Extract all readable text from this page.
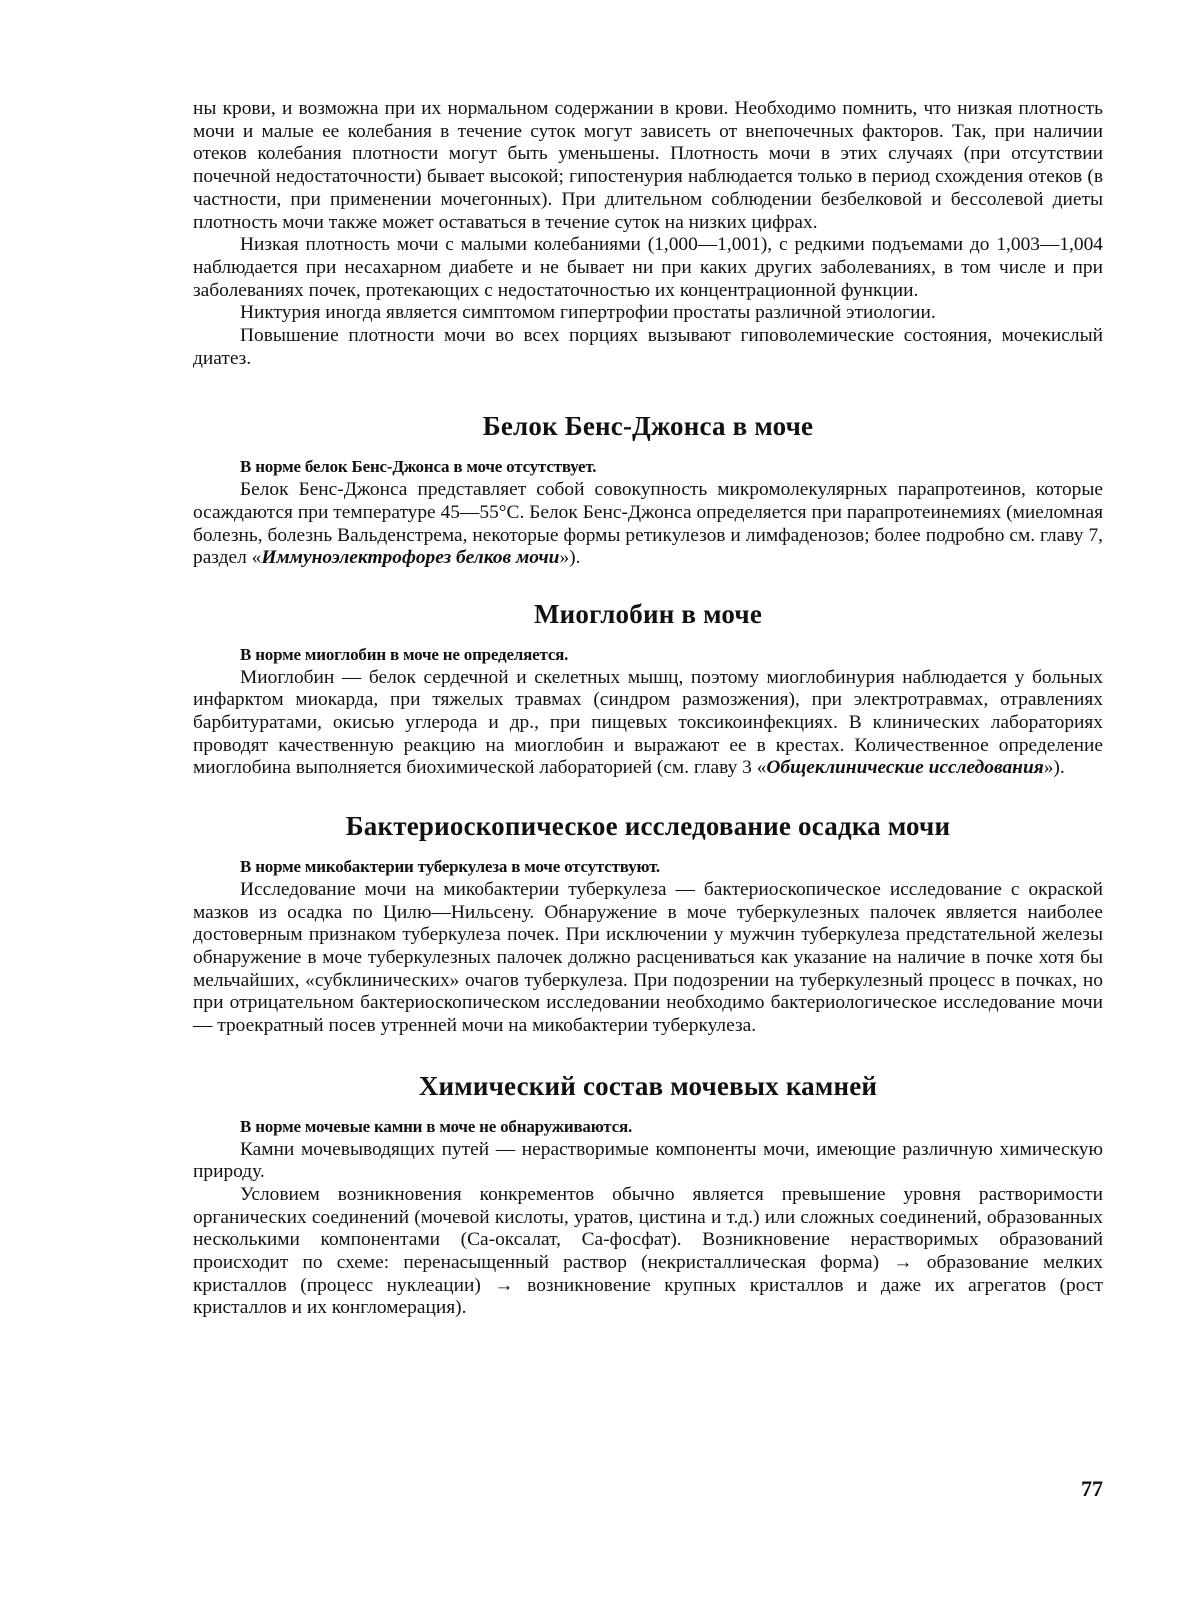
ны крови, и возможна при их нормальном содержании в крови. Необходимо помнить, что низкая плотность мочи и малые ее колебания в течение суток могут зависеть от внепочечных факторов. Так, при наличии отеков колебания плотности могут быть уменьшены. Плотность мочи в этих случаях (при отсутствии почечной недостаточности) бывает высокой; гипостенурия наблюдается только в период схождения отеков (в частности, при применении мочегонных). При длительном соблюдении безбелковой и бессолевой диеты плотность мочи также может оставаться в течение суток на низких цифрах.

Низкая плотность мочи с малыми колебаниями (1,000—1,001), с редкими подъемами до 1,003—1,004 наблюдается при несахарном диабете и не бывает ни при каких других заболеваниях, в том числе и при заболеваниях почек, протекающих с недостаточностью их концентрационной функции.

Никтурия иногда является симптомом гипертрофии простаты различной этиологии.

Повышение плотности мочи во всех порциях вызывают гиповолемические состояния, мочекислый диатез.

Белок Бенс-Джонса в моче
В норме белок Бенс-Джонса в моче отсутствует.

Белок Бенс-Джонса представляет собой совокупность микромолекулярных парапротеинов, которые осаждаются при температуре 45—55°С. Белок Бенс-Джонса определяется при парапротеинемиях (миеломная болезнь, болезнь Вальденстрема, некоторые формы ретикулезов и лимфаденозов; более подробно см. главу 7, раздел «Иммуноэлектрофорез белков мочи»).

Миоглобин в моче
В норме миоглобин в моче не определяется.

Миоглобин — белок сердечной и скелетных мышц, поэтому миоглобинурия наблюдается у больных инфарктом миокарда, при тяжелых травмах (синдром размозжения), при электротравмах, отравлениях барбитуратами, окисью углерода и др., при пищевых токсикоинфекциях. В клинических лабораториях проводят качественную реакцию на миоглобин и выражают ее в крестах. Количественное определение миоглобина выполняется биохимической лабораторией (см. главу 3 «Общеклинические исследования»).

Бактериоскопическое исследование осадка мочи
В норме микобактерии туберкулеза в моче отсутствуют.

Исследование мочи на микобактерии туберкулеза — бактериоскопическое исследование с окраской мазков из осадка по Цилю—Нильсену. Обнаружение в моче туберкулезных палочек является наиболее достоверным признаком туберкулеза почек. При исключении у мужчин туберкулеза предстательной железы обнаружение в моче туберкулезных палочек должно расцениваться как указание на наличие в почке хотя бы мельчайших, «субклинических» очагов туберкулеза. При подозрении на туберкулезный процесс в почках, но при отрицательном бактериоскопическом исследовании необходимо бактериологическое исследование мочи — троекратный посев утренней мочи на микобактерии туберкулеза.

Химический состав мочевых камней
В норме мочевые камни в моче не обнаруживаются.

Камни мочевыводящих путей — нерастворимые компоненты мочи, имеющие различную химическую природу.

Условием возникновения конкрементов обычно является превышение уровня растворимости органических соединений (мочевой кислоты, уратов, цистина и т.д.) или сложных соединений, образованных несколькими компонентами (Са-оксалат, Са-фосфат). Возникновение нерастворимых образований происходит по схеме: перенасыщенный раствор (некристаллическая форма) → образование мелких кристаллов (процесс нуклеации) → возникновение крупных кристаллов и даже их агрегатов (рост кристаллов и их конгломерация).

77
